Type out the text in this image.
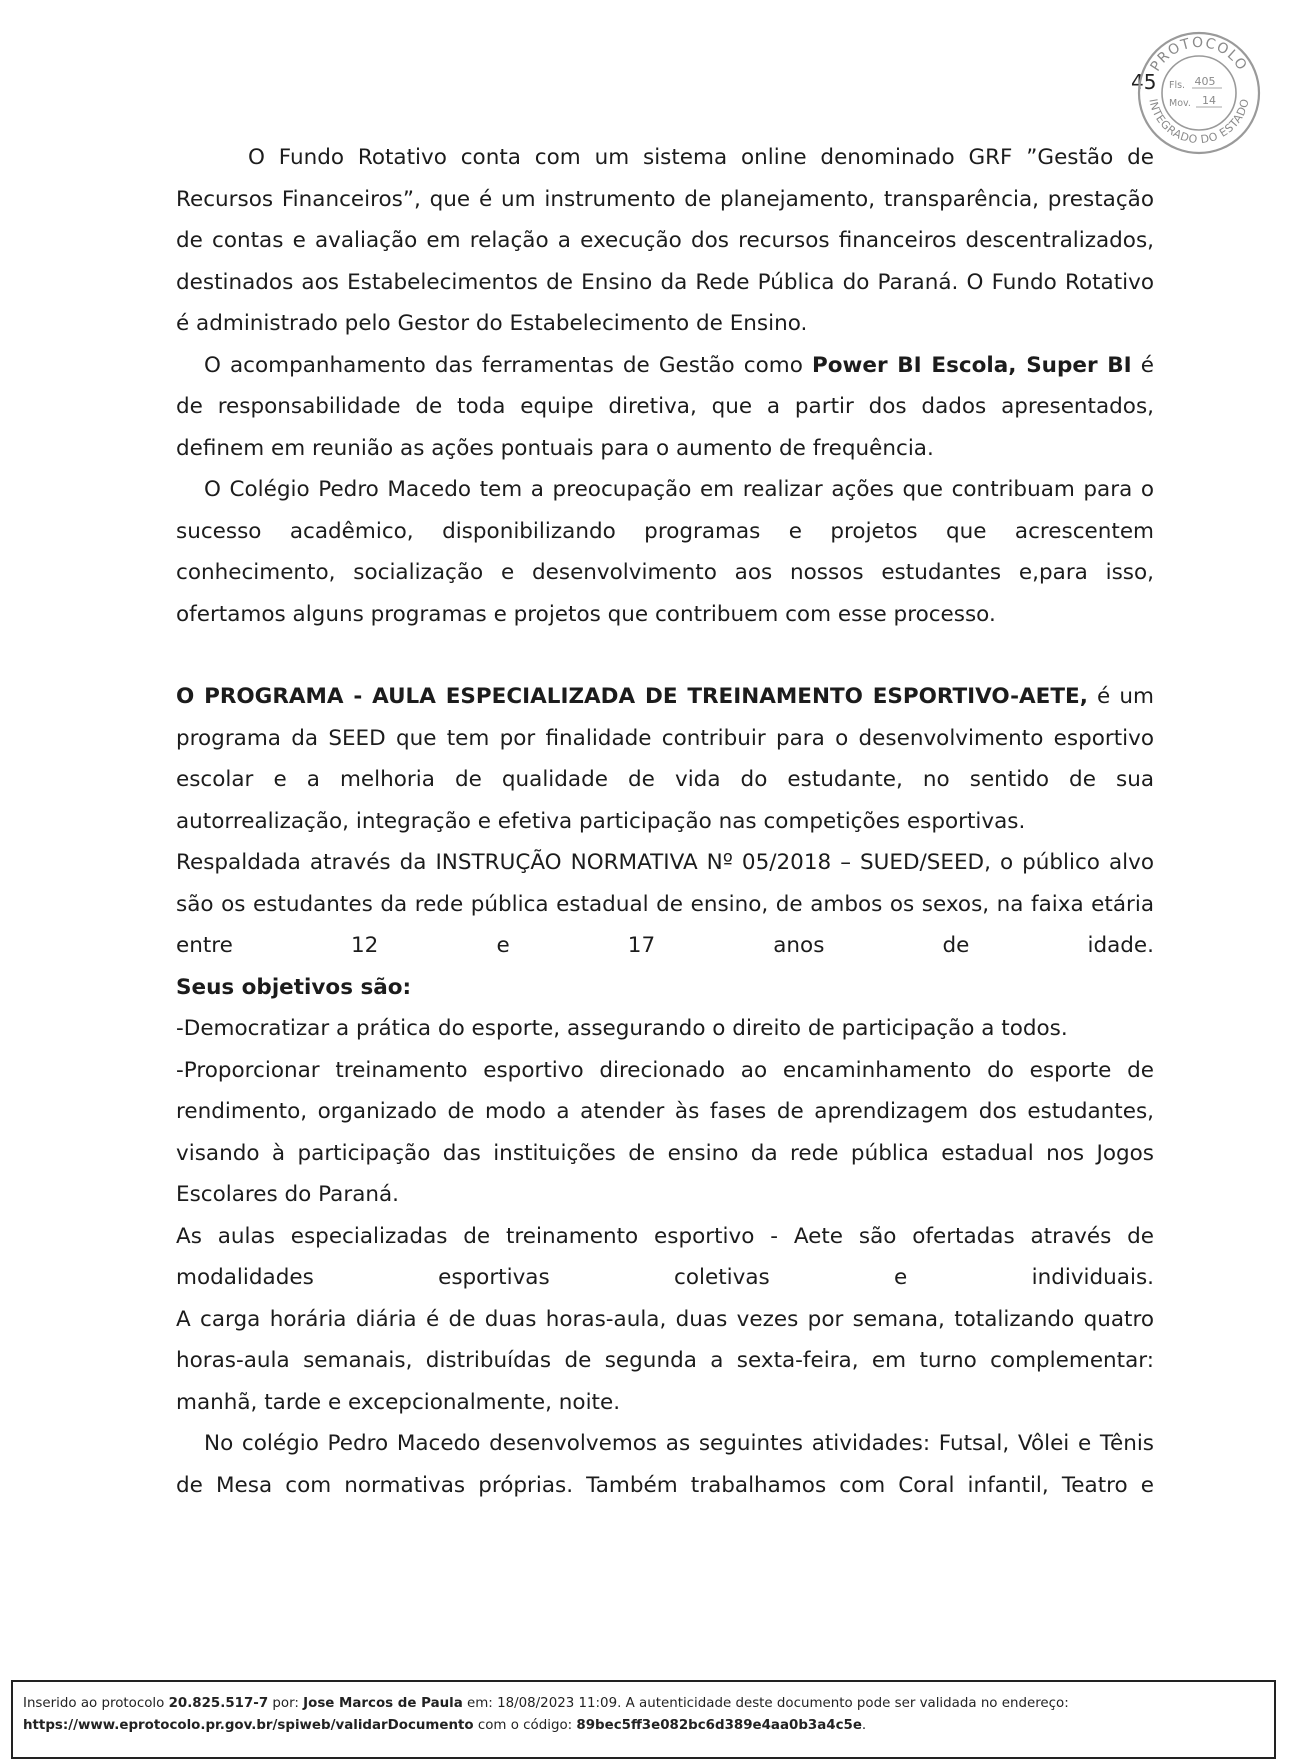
45
PROTOCOLO
INTEGRADO DO ESTADO
Fls. 405
Mov. 14

O Fundo Rotativo conta com um sistema online denominado GRF ”Gestão de Recursos Financeiros”, que é um instrumento de planejamento, transparência, prestação de contas e avaliação em relação a execução dos recursos financeiros descentralizados, destinados aos Estabelecimentos de Ensino da Rede Pública do Paraná. O Fundo Rotativo é administrado pelo Gestor do Estabelecimento de Ensino.

O acompanhamento das ferramentas de Gestão como Power BI Escola, Super BI é de responsabilidade de toda equipe diretiva, que a partir dos dados apresentados, definem em reunião as ações pontuais para o aumento de frequência.

O Colégio Pedro Macedo tem a preocupação em realizar ações que contribuam para o sucesso acadêmico, disponibilizando programas e projetos que acrescentem conhecimento, socialização e desenvolvimento aos nossos estudantes e,para isso, ofertamos alguns programas e projetos que contribuem com esse processo.

O PROGRAMA - AULA ESPECIALIZADA DE TREINAMENTO ESPORTIVO-AETE, é um programa da SEED que tem por finalidade contribuir para o desenvolvimento esportivo escolar e a melhoria de qualidade de vida do estudante, no sentido de sua autorrealização, integração e efetiva participação nas competições esportivas.

Respaldada através da INSTRUÇÃO NORMATIVA Nº 05/2018 – SUED/SEED, o público alvo são os estudantes da rede pública estadual de ensino, de ambos os sexos, na faixa etária entre 12 e 17 anos de idade.

Seus objetivos são:

-Democratizar a prática do esporte, assegurando o direito de participação a todos.

-Proporcionar treinamento esportivo direcionado ao encaminhamento do esporte de rendimento, organizado de modo a atender às fases de aprendizagem dos estudantes, visando à participação das instituições de ensino da rede pública estadual nos Jogos Escolares do Paraná.

As aulas especializadas de treinamento esportivo - Aete são ofertadas através de modalidades esportivas coletivas e individuais.

A carga horária diária é de duas horas-aula, duas vezes por semana, totalizando quatro horas-aula semanais, distribuídas de segunda a sexta-feira, em turno complementar: manhã, tarde e excepcionalmente, noite.

No colégio Pedro Macedo desenvolvemos as seguintes atividades: Futsal, Vôlei e Tênis de Mesa com normativas próprias. Também trabalhamos com Coral infantil, Teatro e

Inserido ao protocolo 20.825.517-7 por: Jose Marcos de Paula em: 18/08/2023 11:09. A autenticidade deste documento pode ser validada no endereço:
https://www.eprotocolo.pr.gov.br/spiweb/validarDocumento com o código: 89bec5ff3e082bc6d389e4aa0b3a4c5e.
